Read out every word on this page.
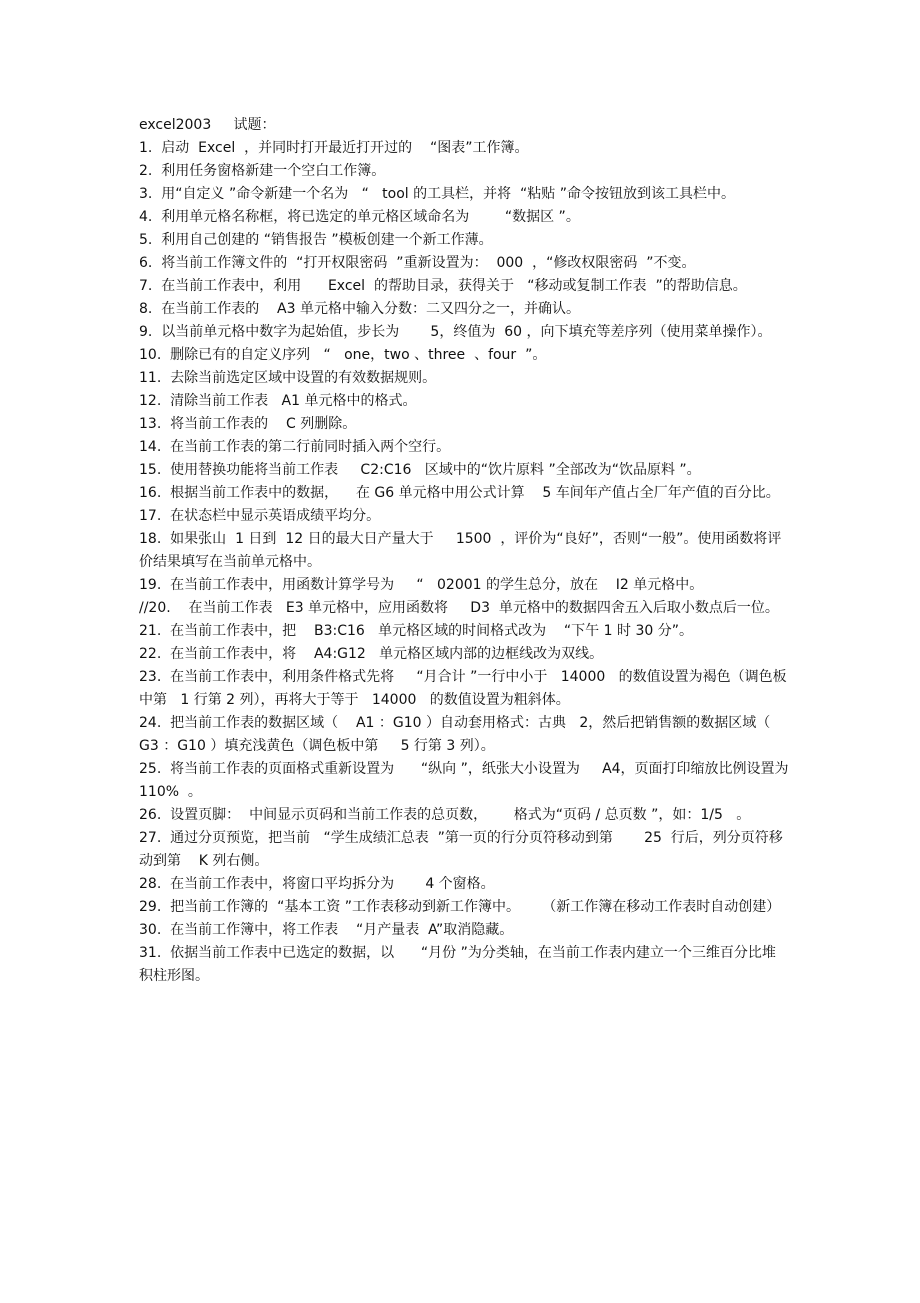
excel2003     试题：
1.  启动  Excel  ，并同时打开最近打开过的    “图表”工作簿。
2.  利用任务窗格新建一个空白工作簿。
3.  用“自定义 ”命令新建一个名为   “   tool 的工具栏，并将  “粘贴 ”命令按钮放到该工具栏中。
4.  利用单元格名称框，将已选定的单元格区域命名为        “数据区 ”。
5.  利用自己创建的 “销售报告 ”模板创建一个新工作薄。
6.  将当前工作簿文件的  “打开权限密码  ”重新设置为：  000  ，“修改权限密码  ”不变。
7.  在当前工作表中，利用      Excel  的帮助目录，获得关于   “移动或复制工作表  ”的帮助信息。
8.  在当前工作表的    A3 单元格中输入分数：二又四分之一，并确认。
9.  以当前单元格中数字为起始值，步长为       5，终值为  60 ，向下填充等差序列（使用菜单操作）。
10.  删除已有的自定义序列   “   one，two 、three  、four  ”。
11.  去除当前选定区域中设置的有效数据规则。
12.  清除当前工作表   A1 单元格中的格式。
13.  将当前工作表的    C 列删除。
14.  在当前工作表的第二行前同时插入两个空行。
15.  使用替换功能将当前工作表     C2:C16   区域中的“饮片原料 ”全部改为“饮品原料 ”。
16.  根据当前工作表中的数据，    在 G6 单元格中用公式计算    5 车间年产值占全厂年产值的百分比。
17.  在状态栏中显示英语成绩平均分。
18.  如果张山  1 日到  12 日的最大日产量大于     1500  ，评价为“良好”，否则“一般”。使用函数将评价结果填写在当前单元格中。
19.  在当前工作表中，用函数计算学号为     “   02001 的学生总分，放在    I2 单元格中。
//20.    在当前工作表   E3 单元格中，应用函数将     D3  单元格中的数据四舍五入后取小数点后一位。
21.  在当前工作表中，把    B3:C16   单元格区域的时间格式改为    “下午 1 时 30 分”。
22.  在当前工作表中，将    A4:G12   单元格区域内部的边框线改为双线。
23.  在当前工作表中，利用条件格式先将     “月合计 ”一行中小于   14000   的数值设置为褐色（调色板中第   1 行第 2 列），再将大于等于   14000   的数值设置为粗斜体。
24.  把当前工作表的数据区域（    A1 ：G10 ）自动套用格式：古典   2，然后把销售额的数据区域（  G3 ：G10 ）填充浅黄色（调色板中第     5 行第 3 列）。
25.  将当前工作表的页面格式重新设置为      “纵向 ”，纸张大小设置为     A4，页面打印缩放比例设置为  110%  。
26.  设置页脚：  中间显示页码和当前工作表的总页数，      格式为“页码 / 总页数 ”，如：1/5   。
27.  通过分页预览，把当前   “学生成绩汇总表  ”第一页的行分页符移动到第       25  行后，列分页符移动到第    K 列右侧。
28.  在当前工作表中，将窗口平均拆分为       4 个窗格。
29.  把当前工作簿的  “基本工资 ”工作表移动到新工作簿中。     （新工作簿在移动工作表时自动创建）
30.  在当前工作簿中，将工作表    “月产量表  A”取消隐藏。
31.  依据当前工作表中已选定的数据，以      “月份 ”为分类轴，在当前工作表内建立一个三维百分比堆积柱形图。
